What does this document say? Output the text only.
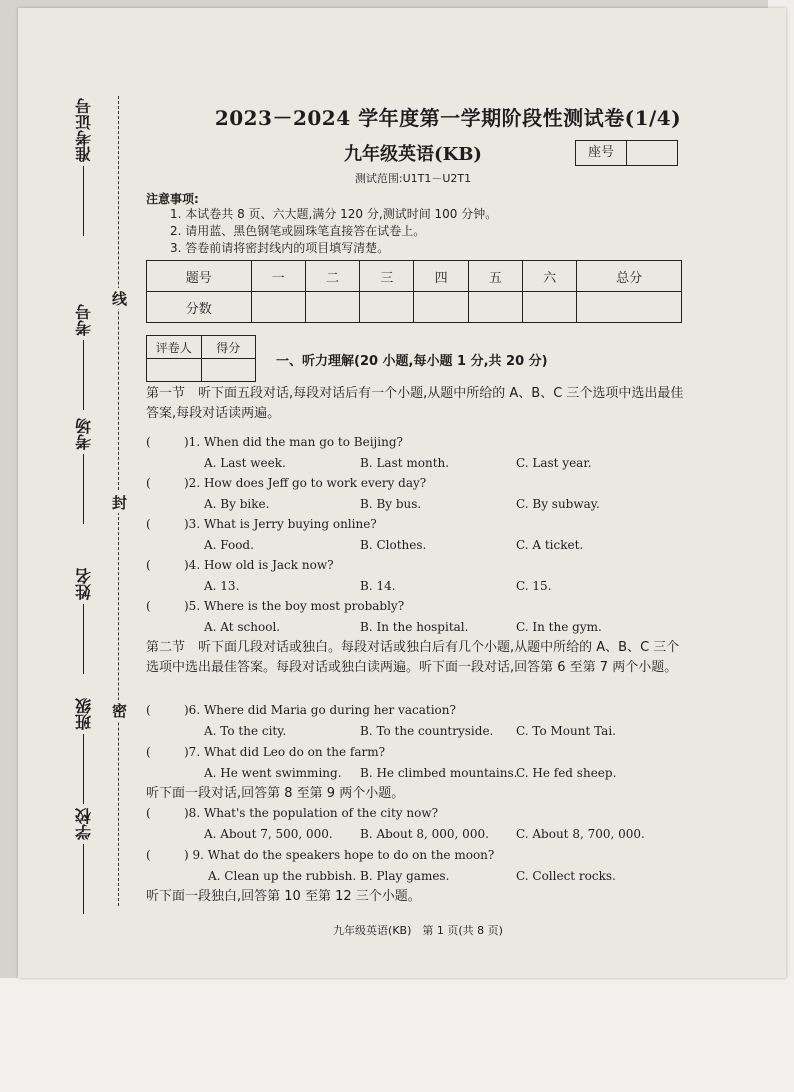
线
封
密
准考证号
考号
考场
姓名
班级
学校
2023－2024 学年度第一学期阶段性测试卷(1/4)
九年级英语(KB)	座号
测试范围:U1T1－U2T1
注意事项:
1. 本试卷共 8 页、六大题,满分 120 分,测试时间 100 分钟。
2. 请用蓝、黑色钢笔或圆珠笔直接答在试卷上。
3. 答卷前请将密封线内的项目填写清楚。
题号	一	二	三	四	五	六	总分
分数							
评卷人	得分

一、听力理解(20 小题,每小题 1 分,共 20 分)
第一节　听下面五段对话,每段对话后有一个小题,从题中所给的 A、B、C 三个选项中选出最佳答案,每段对话读两遍。
(	)1. When did the man go to Beijing?
A. Last week.	B. Last month.	C. Last year.
(	)2. How does Jeff go to work every day?
A. By bike.	B. By bus.	C. By subway.
(	)3. What is Jerry buying online?
A. Food.	B. Clothes.	C. A ticket.
(	)4. How old is Jack now?
A. 13.	B. 14.	C. 15.
(	)5. Where is the boy most probably?
A. At school.	B. In the hospital.	C. In the gym.
第二节　听下面几段对话或独白。每段对话或独白后有几个小题,从题中所给的 A、B、C 三个选项中选出最佳答案。每段对话或独白读两遍。听下面一段对话,回答第 6 至第 7 两个小题。
(	)6. Where did Maria go during her vacation?
A. To the city.	B. To the countryside. C. To Mount Tai.
(	)7. What did Leo do on the farm?
A. He went swimming. B. He climbed mountains.
C. He fed sheep.
听下面一段对话,回答第 8 至第 9 两个小题。
(	)8. What's the population of the city now?
A. About 7, 500, 000. B. About 8, 000, 000. C. About 8, 700, 000.
(	) 9. What do the speakers hope to do on the moon?
A. Clean up the rubbish. B. Play games.	C. Collect rocks.
听下面一段独白,回答第 10 至第 12 三个小题。
九年级英语(KB)　第 1 页(共 8 页)
